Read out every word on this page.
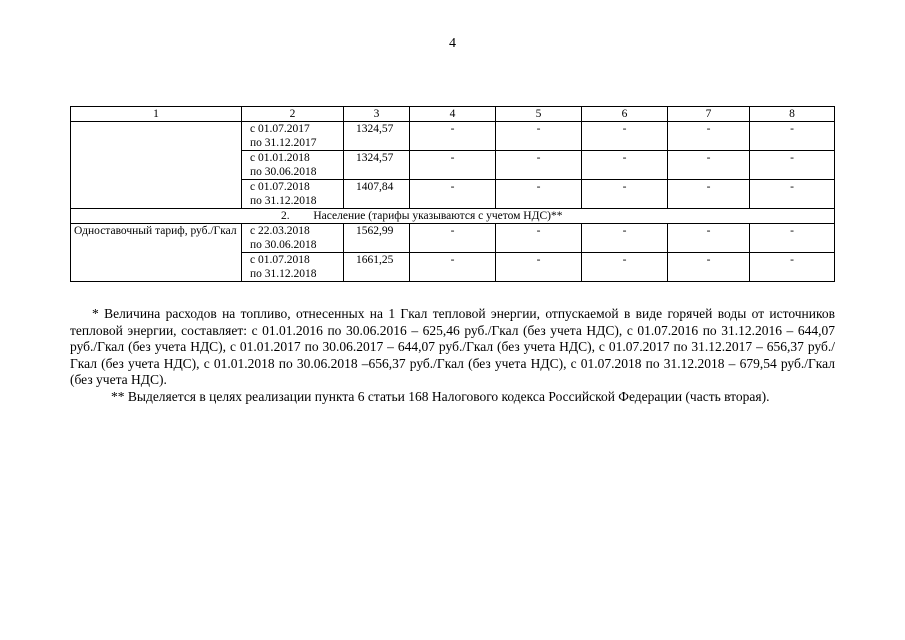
4
1	2	3	4	5	6	7	8

	с 01.07.2017
по 31.12.2017	1324,57	-	-	-	-	-

	с 01.01.2018
по 30.06.2018	1324,57	-	-	-	-	-

	с 01.07.2018
по 31.12.2018	1407,84	-	-	-	-	-
2. Население (тарифы указываются с учетом НДС)**							
Одноставочный тариф, руб./Гкал	с 22.03.2018
по 30.06.2018	1562,99	-	-	-	-	-

	с 01.07.2018
по 31.12.2018	1661,25	-	-	-	-	-

* Величина расходов на топливо, отнесенных на 1 Гкал тепловой энергии, отпускаемой в виде горячей воды от источников тепловой энергии, составляет: с 01.01.2016 по 30.06.2016 – 625,46 руб./Гкал (без учета НДС), с 01.07.2016 по 31.12.2016 – 644,07 руб./Гкал (без учета НДС), с 01.01.2017 по 30.06.2017 – 644,07 руб./Гкал (без учета НДС), с 01.07.2017 по 31.12.2017 – 656,37 руб./Гкал (без учета НДС), с 01.01.2018 по 30.06.2018 –656,37 руб./Гкал (без учета НДС), с 01.07.2018 по 31.12.2018 – 679,54 руб./Гкал (без учета НДС).

** Выделяется в целях реализации пункта 6 статьи 168 Налогового кодекса Российской Федерации (часть вторая).
